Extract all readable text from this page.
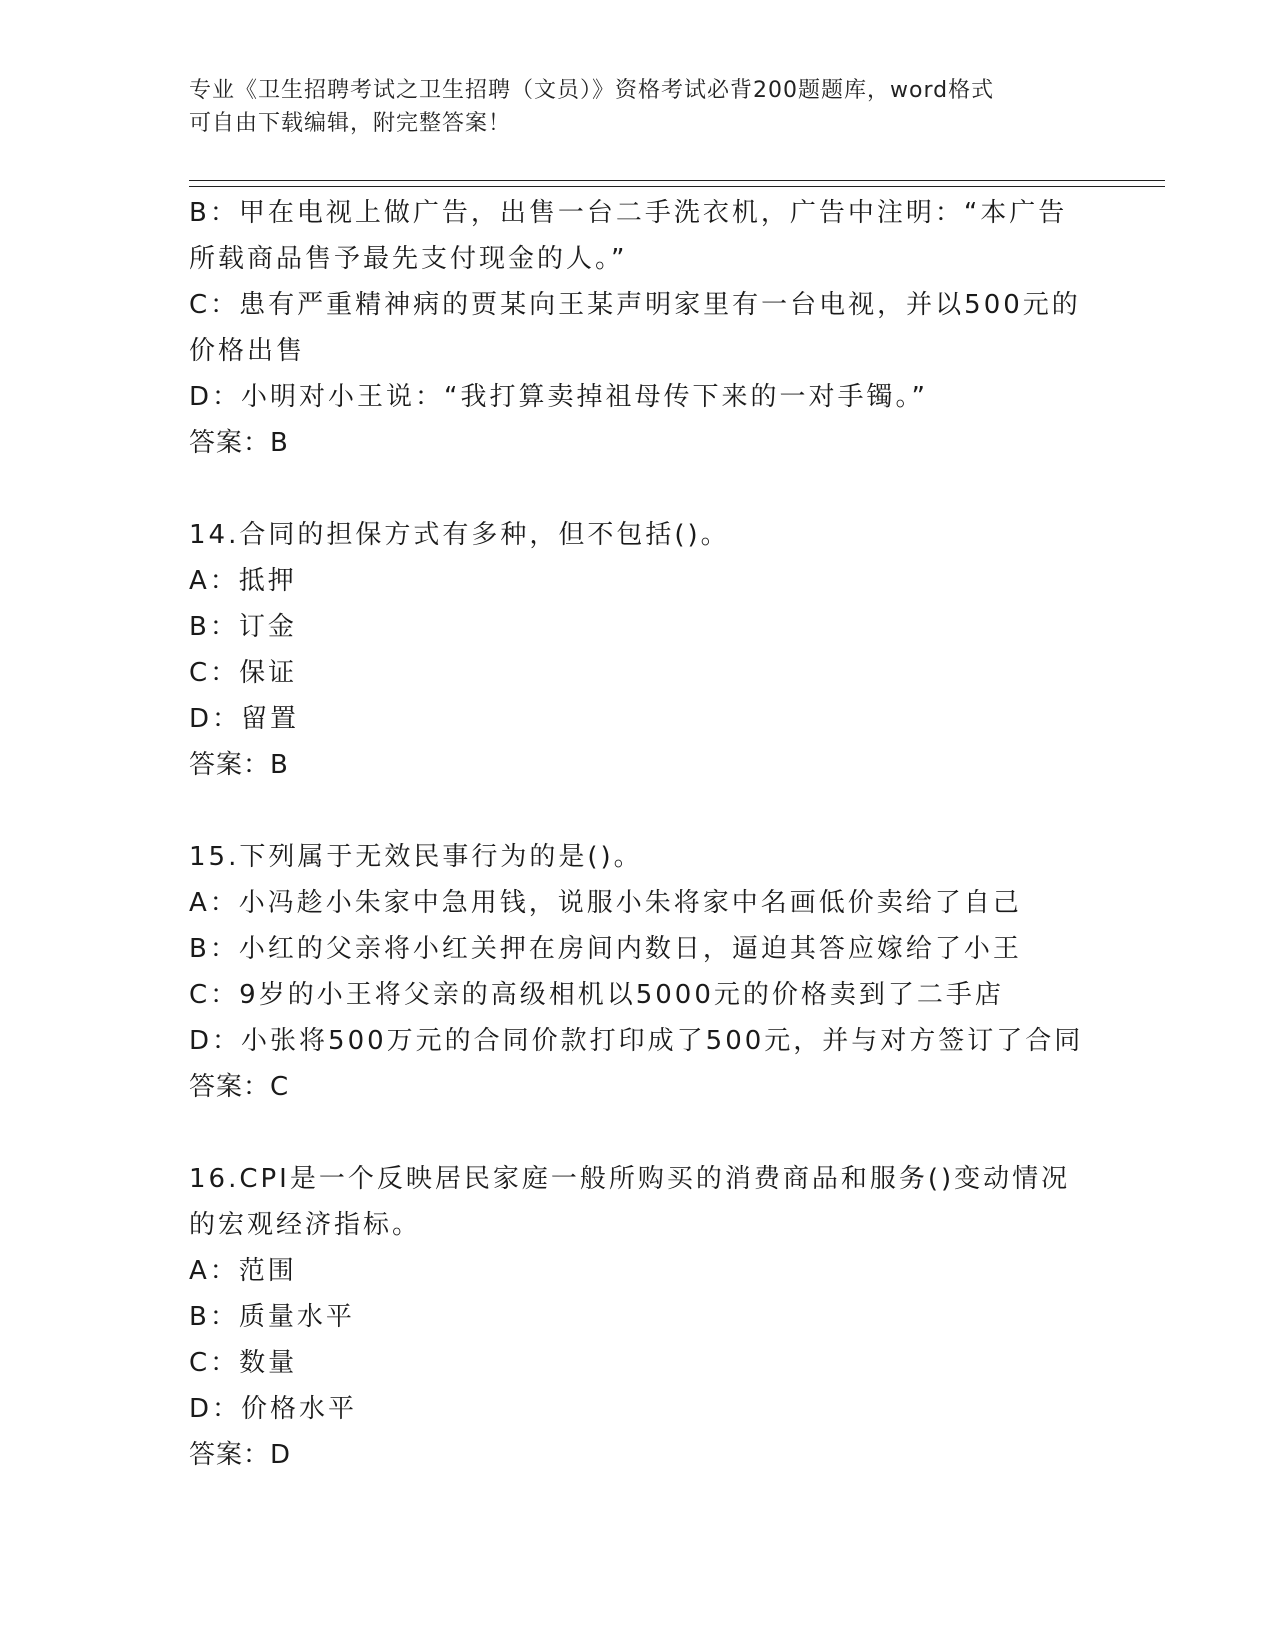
专业《卫生招聘考试之卫生招聘（文员）》资格考试必背200题题库，word格式
可自由下载编辑，附完整答案！
B：甲在电视上做广告，出售一台二手洗衣机，广告中注明：“本广告
所载商品售予最先支付现金的人。”
C：患有严重精神病的贾某向王某声明家里有一台电视，并以500元的
价格出售
D：小明对小王说：“我打算卖掉祖母传下来的一对手镯。”
答案：B
14.合同的担保方式有多种，但不包括()。
A：抵押
B：订金
C：保证
D：留置
答案：B
15.下列属于无效民事行为的是()。
A：小冯趁小朱家中急用钱，说服小朱将家中名画低价卖给了自己
B：小红的父亲将小红关押在房间内数日，逼迫其答应嫁给了小王
C：9岁的小王将父亲的高级相机以5000元的价格卖到了二手店
D：小张将500万元的合同价款打印成了500元，并与对方签订了合同
答案：C
16.CPI是一个反映居民家庭一般所购买的消费商品和服务()变动情况
的宏观经济指标。
A：范围
B：质量水平
C：数量
D：价格水平
答案：D
